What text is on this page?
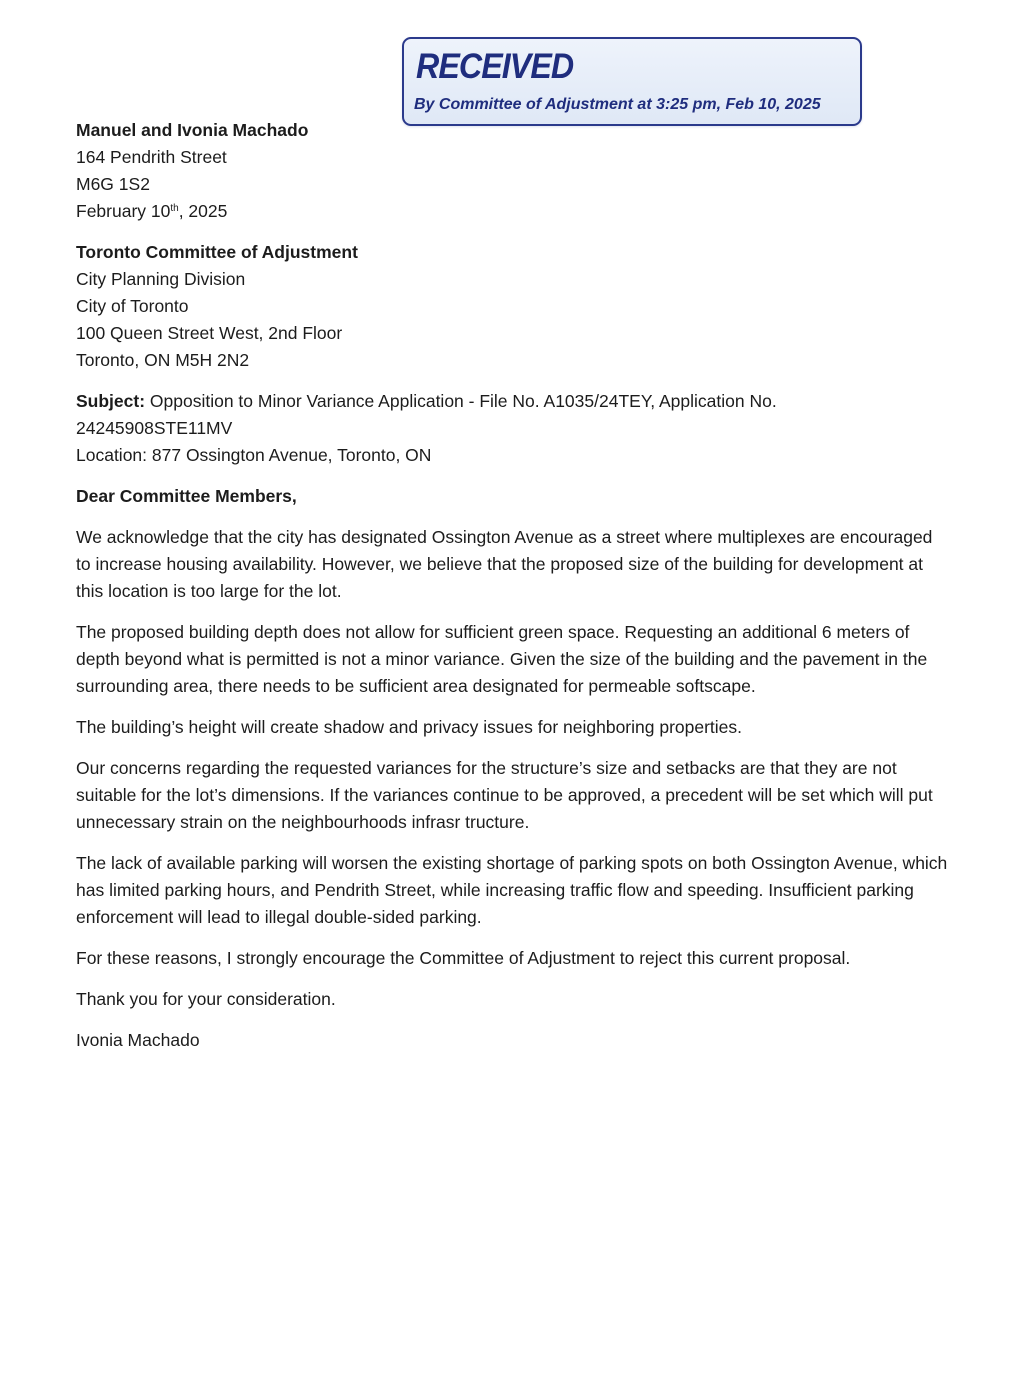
RECEIVED
By Committee of Adjustment at 3:25 pm, Feb 10, 2025
Manuel and Ivonia Machado
164 Pendrith Street
M6G 1S2
February 10th, 2025
Toronto Committee of Adjustment
City Planning Division
City of Toronto
100 Queen Street West, 2nd Floor
Toronto, ON M5H 2N2
Subject: Opposition to Minor Variance Application - File No. A1035/24TEY, Application No.
24245908STE11MV
Location: 877 Ossington Avenue, Toronto, ON

Dear Committee Members,

We acknowledge that the city has designated Ossington Avenue as a street where multiplexes are encouraged to increase housing availability. However, we believe that the proposed size of the building for development at this location is too large for the lot.

The proposed building depth does not allow for sufficient green space. Requesting an additional 6 meters of depth beyond what is permitted is not a minor variance. Given the size of the building and the pavement in the surrounding area, there needs to be sufficient area designated for permeable softscape.

The building’s height will create shadow and privacy issues for neighboring properties.

Our concerns regarding the requested variances for the structure’s size and setbacks are that they are not suitable for the lot’s dimensions. If the variances continue to be approved, a precedent will be set which will put unnecessary strain on the neighbourhoods infrasr tructure.

The lack of available parking will worsen the existing shortage of parking spots on both Ossington Avenue, which has limited parking hours, and Pendrith Street, while increasing traffic flow and speeding. Insufficient parking enforcement will lead to illegal double-sided parking.

For these reasons, I strongly encourage the Committee of Adjustment to reject this current proposal.

Thank you for your consideration.

Ivonia Machado
